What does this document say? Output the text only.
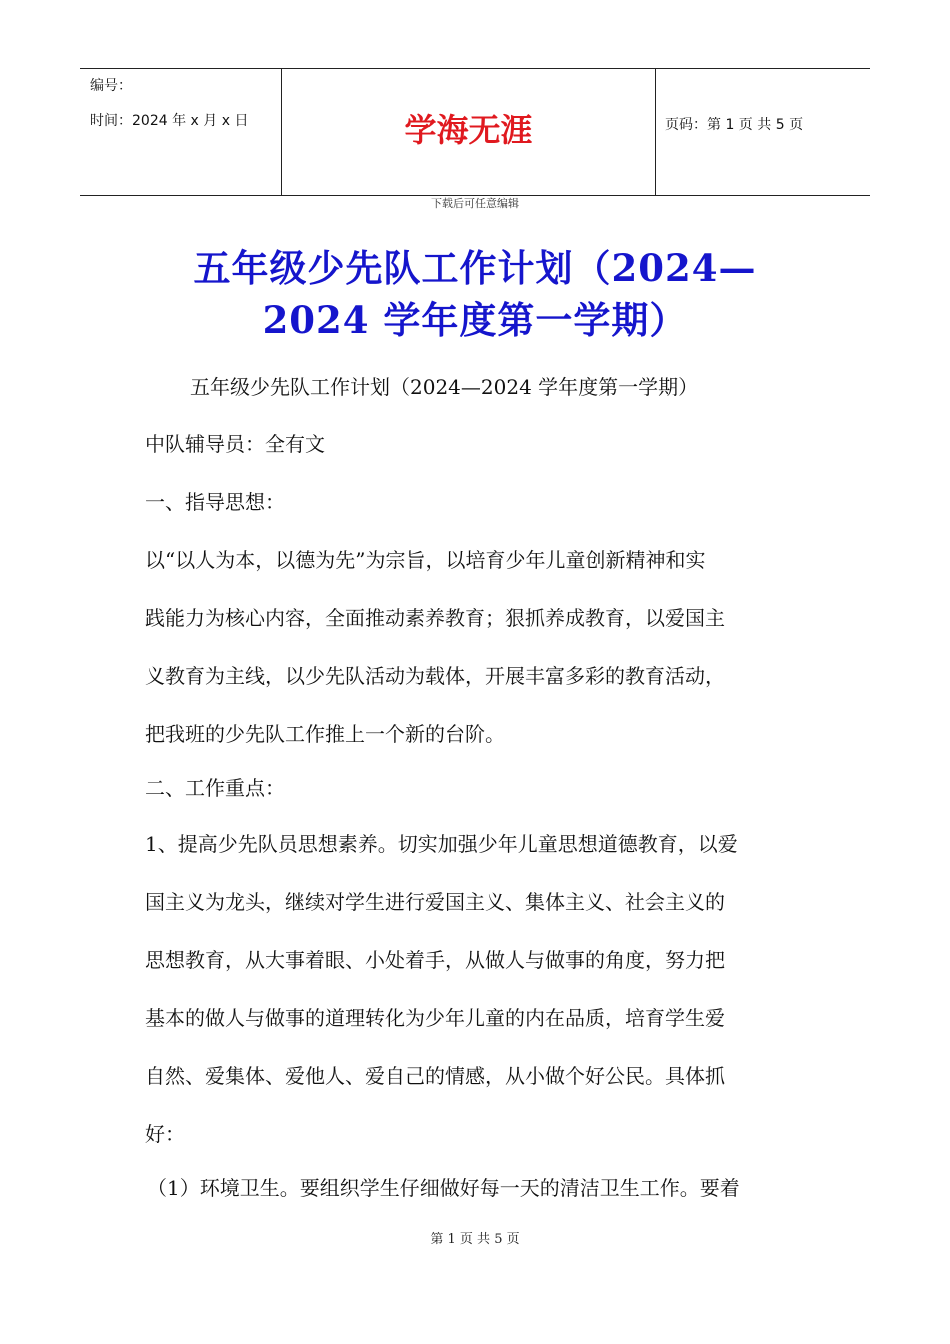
编号：
时间：2024 年 x 月 x 日	学海无涯	页码：第 1 页 共 5 页
下载后可任意编辑
五年级少先队工作计划（2024—
2024 学年度第一学期）
五年级少先队工作计划（2024—2024 学年度第一学期）
中队辅导员：全有文
一、指导思想：
以“以人为本，以德为先”为宗旨，以培育少年儿童创新精神和实
践能力为核心内容，全面推动素养教育；狠抓养成教育，以爱国主
义教育为主线，以少先队活动为载体，开展丰富多彩的教育活动，
把我班的少先队工作推上一个新的台阶。
二、工作重点：
1、提高少先队员思想素养。切实加强少年儿童思想道德教育，以爱
国主义为龙头，继续对学生进行爱国主义、集体主义、社会主义的
思想教育，从大事着眼、小处着手，从做人与做事的角度，努力把
基本的做人与做事的道理转化为少年儿童的内在品质，培育学生爱
自然、爱集体、爱他人、爱自己的情感，从小做个好公民。具体抓
好：
（1）环境卫生。要组织学生仔细做好每一天的清洁卫生工作。要着
第 1 页 共 5 页
